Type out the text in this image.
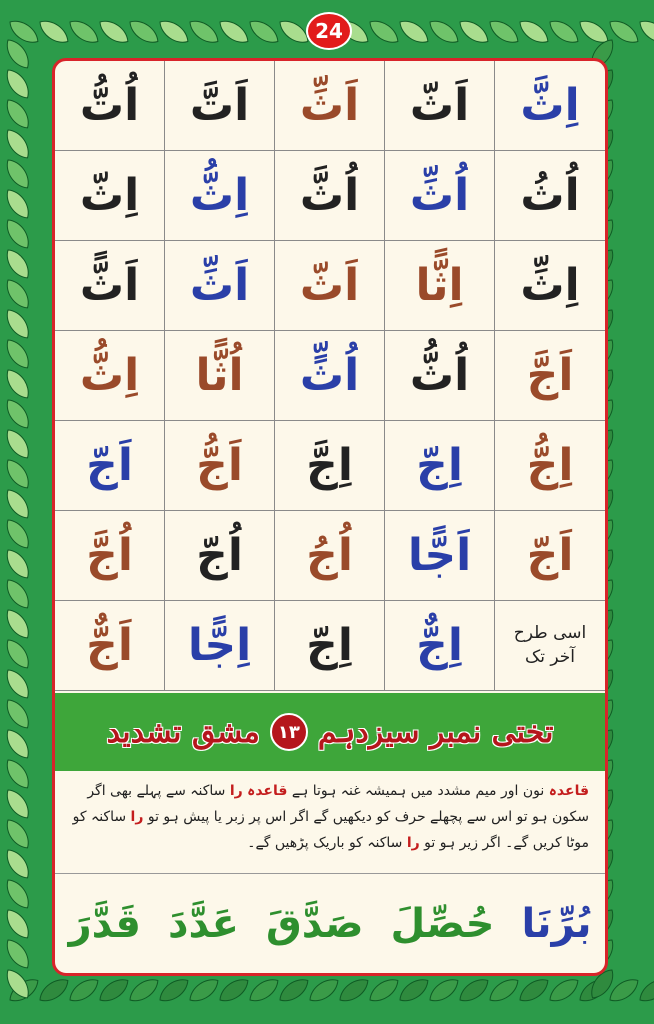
24
اُتُّ	اَتَّ	اَثِّ	اَثّ	اِثَّ
اِثّ	اِثُّ	اُثَّ	اُثِّ	اُثُ
اَثًّ	اَثِّ	اَثّ	اِثًّا	اِثِّ
اِثُّ	اُثًّا	اُثٍّ	اُثُّ	اَجَّ
اَجّ	اَجُّ	اِجَّ	اِجّ	اِجُّ
اُجَّ	اُجّ	اُجُ	اَجًّا	اَجّ
اَجٌّ	اِجًّا	اِجّ	اِجٌّ	اسی طرح
آخر تک
تختی نمبر سیزدہم
۱۳
مشق تشدید
قاعدہ نون اور میم مشدد میں ہمیشہ غنہ ہوتا ہے قاعدہ را ساکنہ سے پہلے بھی اگر سکون ہو تو اس سے پچھلے حرف کو دیکھیں گے اگر اس پر زبر یا پیش ہو تو را ساکنہ کو موٹا کریں گے۔ اگر زیر ہو تو را ساکنہ کو باریک پڑھیں گے۔
بُرِّنَا
حُصِّلَ
صَدَّقَ
عَدَّدَ
قَدَّرَ
